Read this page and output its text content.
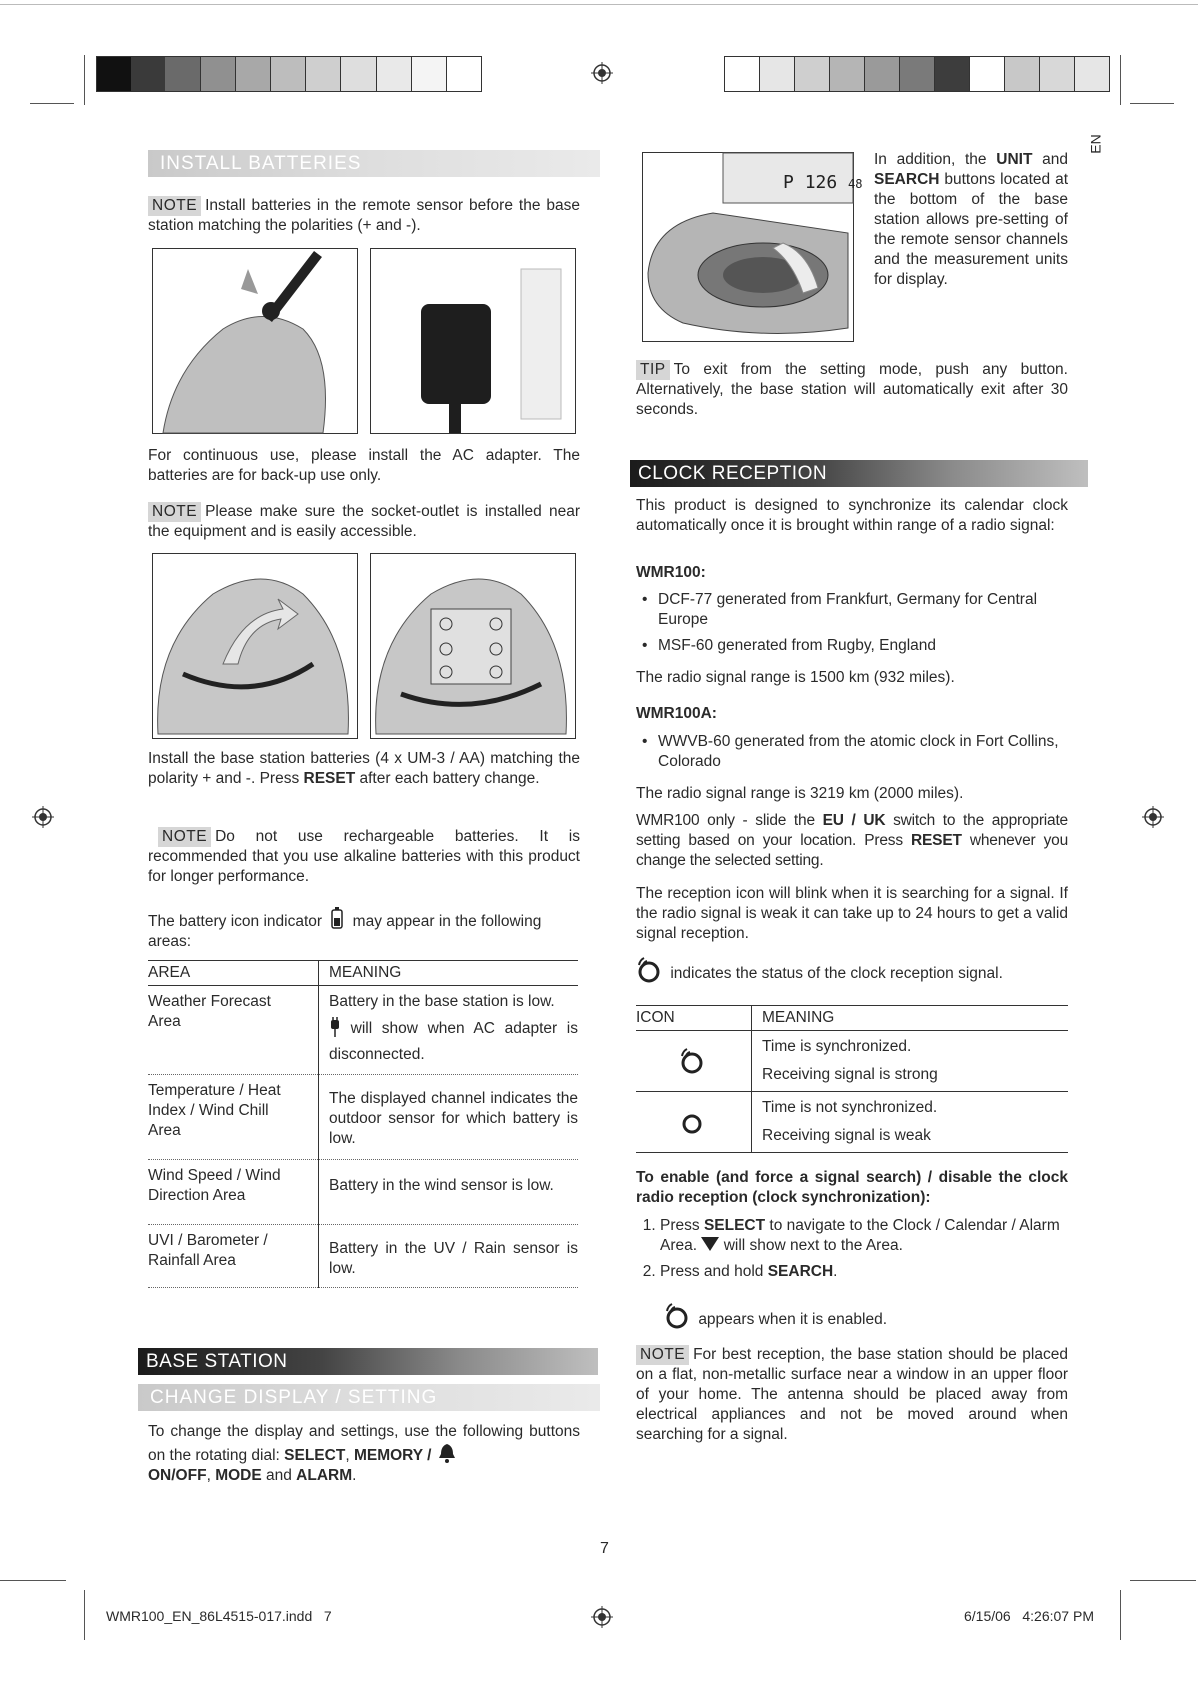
EN
INSTALL BATTERIES

NOTE Install batteries in the remote sensor before the base station matching the polarities (+ and -).

For continuous use, please install the AC adapter. The batteries are for back-up use only.

NOTE Please make sure the socket-outlet is installed near the equipment and is easily accessible.

Install the base station batteries (4 x UM-3 / AA) matching the polarity + and -. Press RESET after each battery change.

NOTE Do not use rechargeable batteries. It is recommended that you use alkaline batteries with this product for longer performance.

The battery icon indicator may appear in the following areas:

AREA	MEANING
Weather Forecast Area	Battery in the base station is low.
will show when AC adapter is disconnected.

Temperature / Heat Index / Wind Chill Area	The displayed channel indicates the outdoor sensor for which battery is low.
Wind Speed / Wind Direction Area	Battery in the wind sensor is low.
UVI / Barometer / Rainfall Area	Battery in the UV / Rain sensor is low.
BASE STATION
CHANGE DISPLAY / SETTING

To change the display and settings, use the following buttons on the rotating dial: SELECT, MEMORY /
ON/OFF, MODE and ALARM.

P 126 48

In addition, the UNIT and SEARCH buttons located at the bottom of the base station allows pre-setting of the remote sensor channels and the measurement units for display.

TIP To exit from the setting mode, push any button. Alternatively, the base station will automatically exit after 30 seconds.

CLOCK RECEPTION

This product is designed to synchronize its calendar clock automatically once it is brought within range of a radio signal:

WMR100:

• DCF-77 generated from Frankfurt, Germany for Central Europe
• MSF-60 generated from Rugby, England

The radio signal range is 1500 km (932 miles).

WMR100A:

• WWVB-60 generated from the atomic clock in Fort Collins, Colorado

The radio signal range is 3219 km (2000 miles).

WMR100 only - slide the EU / UK switch to the appropriate setting based on your location. Press RESET whenever you change the selected setting.

The reception icon will blink when it is searching for a signal. If the radio signal is weak it can take up to 24 hours to get a valid signal reception.

indicates the status of the clock reception signal.

ICON	MEANING

Time is synchronized.
Receiving signal is strong

Time is not synchronized.
Receiving signal is weak

To enable (and force a signal search) / disable the clock radio reception (clock synchronization):

1. Press SELECT to navigate to the Clock / Calendar / Alarm Area. will show next to the Area.
2. Press and hold SEARCH.

appears when it is enabled.

NOTE For best reception, the base station should be placed on a flat, non-metallic surface near a window in an upper floor of your home. The antenna should be placed away from electrical appliances and not be moved around when searching for a signal.

7
WMR100_EN_86L4515-017.indd   7	6/15/06   4:26:07 PM
